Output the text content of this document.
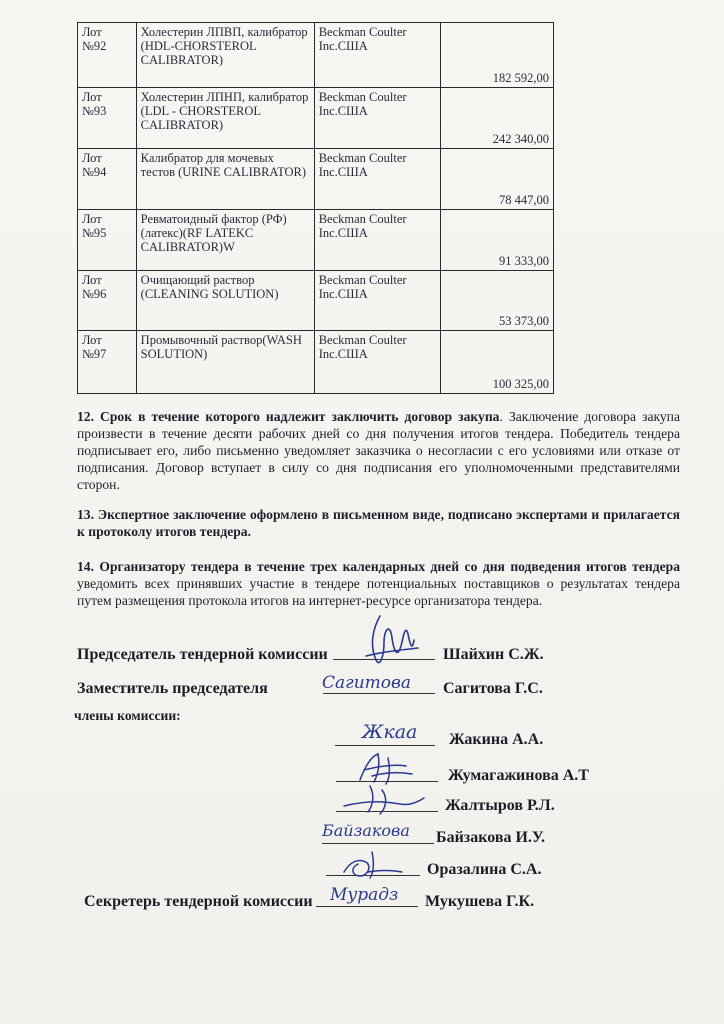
Лот
№92	Холестерин ЛПВП, калибратор (HDL-CHORSTEROL CALIBRATOR)	Beckman Coulter Inc.США	182 592,00
Лот
№93	Холестерин ЛПНП, калибратор (LDL - CHORSTEROL CALIBRATOR)	Beckman Coulter Inc.США	242 340,00
Лот
№94	Калибратор для мочевых тестов (URINE CALIBRATOR)	Beckman Coulter Inc.США	78 447,00
Лот
№95	Ревматоидный фактор (РФ) (латекс)(RF LATEKC CALIBRATOR)W	Beckman Coulter Inc.США	91 333,00
Лот
№96	Очищающий раствор (CLEANING SOLUTION)	Beckman Coulter Inc.США	53 373,00
Лот
№97	Промывочный раствор(WASH SOLUTION)	Beckman Coulter Inc.США	100 325,00
12. Срок в течение которого надлежит заключить договор закупа. Заключение договора закупа произвести в течение десяти рабочих дней со дня получения итогов тендера. Победитель тендера подписывает его, либо письменно уведомляет заказчика о несогласии с его условиями или отказе от подписания. Договор вступает в силу со дня подписания его уполномоченными представителями сторон.
13. Экспертное заключение оформлено в письменном виде, подписано экспертами и прилагается к протоколу итогов тендера.
14. Организатору тендера в течение трех календарных дней со дня подведения итогов тендера уведомить всех принявших участие в тендере потенциальных поставщиков о результатах тендера путем размещения протокола итогов на интернет-ресурсе организатора тендера.
Председатель тендерной комиссии	Шайхин С.Ж.
Заместитель председателя	Сагитова Г.С.
Сагитова
члены комиссии:
Жакина А.А.
Жкаа
Жумагажинова А.Т
Жалтыров Р.Л.
Байзакова И.У.
Байзакова
Оразалина С.А.
Секретерь тендерной комиссии	Мукушева Г.К.
Мурадз
